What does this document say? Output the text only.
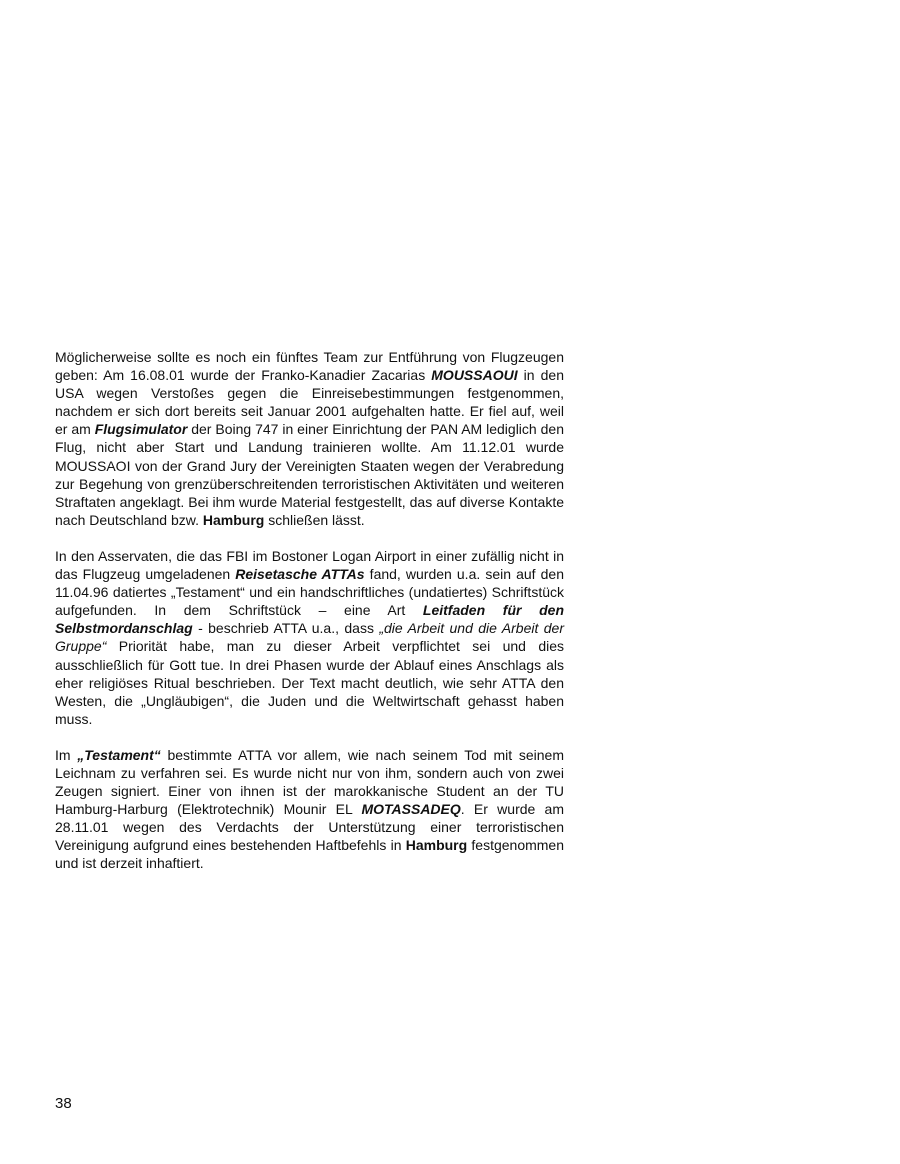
Möglicherweise sollte es noch ein fünftes Team zur Entführung von Flugzeugen geben: Am 16.08.01 wurde der Franko-Kanadier Zacarias MOUSSAOUI in den USA wegen Verstoßes gegen die Einreisebestimmungen festgenommen, nachdem er sich dort bereits seit Januar 2001 aufgehalten hatte. Er fiel auf, weil er am Flugsimulator der Boing 747 in einer Einrichtung der PAN AM lediglich den Flug, nicht aber Start und Landung trainieren wollte. Am 11.12.01 wurde MOUSSAOI von der Grand Jury der Vereinigten Staaten wegen der Verabredung zur Begehung von grenzüberschreitenden terroristischen Aktivitäten und weiteren Straftaten angeklagt. Bei ihm wurde Material festgestellt, das auf diverse Kontakte nach Deutschland bzw. Hamburg schließen lässt.

In den Asservaten, die das FBI im Bostoner Logan Airport in einer zufällig nicht in das Flugzeug umgeladenen Reisetasche ATTAs fand, wurden u.a. sein auf den 11.04.96 datiertes „Testament“ und ein handschriftliches (undatiertes) Schriftstück aufgefunden. In dem Schriftstück – eine Art Leitfaden für den Selbstmordanschlag - beschrieb ATTA u.a., dass „die Arbeit und die Arbeit der Gruppe“ Priorität habe, man zu dieser Arbeit verpflichtet sei und dies ausschließlich für Gott tue. In drei Phasen wurde der Ablauf eines Anschlags als eher religiöses Ritual beschrieben. Der Text macht deutlich, wie sehr ATTA den Westen, die „Ungläubigen“, die Juden und die Weltwirtschaft gehasst haben muss.

Im „Testament“ bestimmte ATTA vor allem, wie nach seinem Tod mit seinem Leichnam zu verfahren sei. Es wurde nicht nur von ihm, sondern auch von zwei Zeugen signiert. Einer von ihnen ist der marokkanische Student an der TU Hamburg-Harburg (Elektrotechnik) Mounir EL MOTASSADEQ. Er wurde am 28.11.01 wegen des Verdachts der Unterstützung einer terroristischen Vereinigung aufgrund eines bestehenden Haftbefehls in Hamburg festgenommen und ist derzeit inhaftiert.

38
